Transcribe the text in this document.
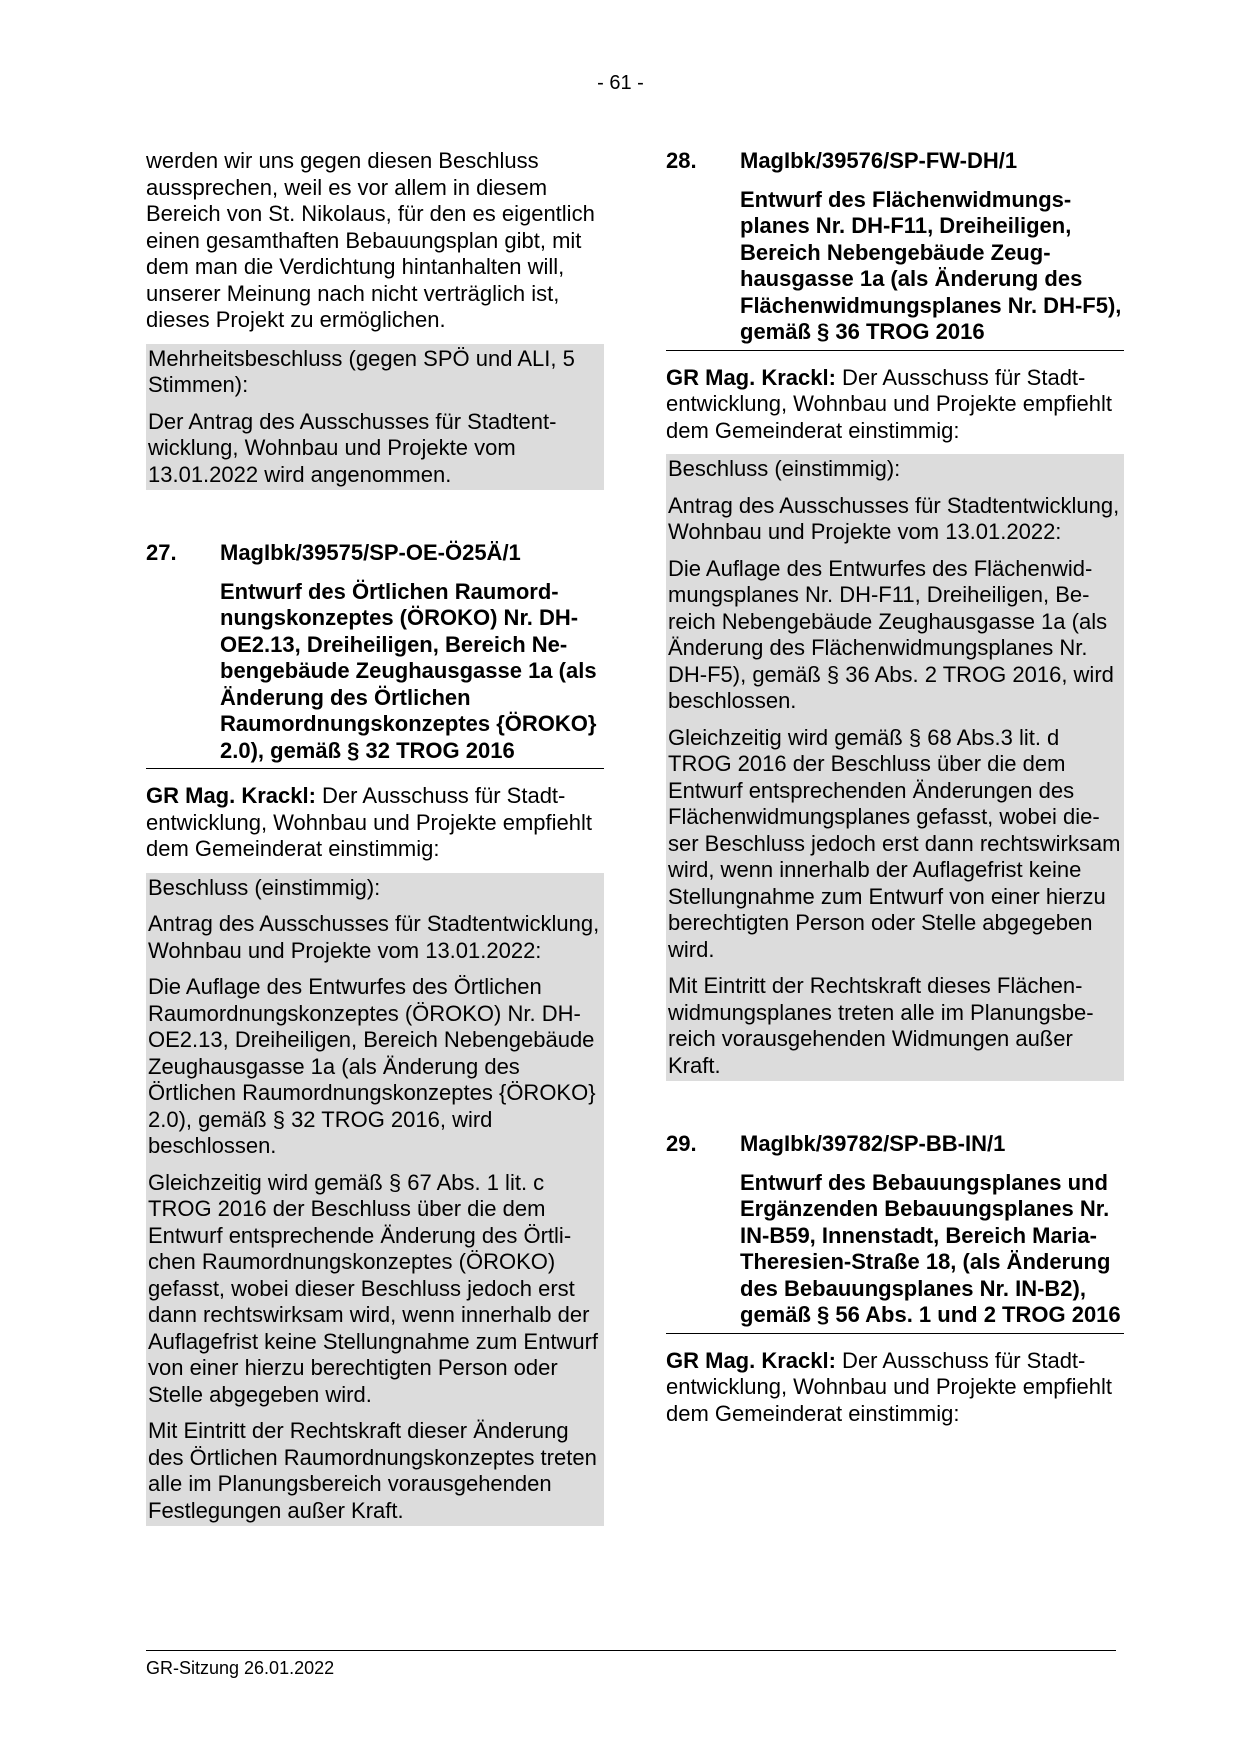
- 61 -

werden wir uns gegen diesen Beschluss aussprechen, weil es vor allem in diesem Bereich von St. Nikolaus, für den es eigentlich einen gesamthaften Bebauungsplan gibt, mit dem man die Verdichtung hintanhalten will, unserer Meinung nach nicht verträglich ist, dieses Projekt zu ermöglichen.

Mehrheitsbeschluss (gegen SPÖ und ALI, 5 Stimmen):

Der Antrag des Ausschusses für Stadtentwicklung, Wohnbau und Projekte vom 13.01.2022 wird angenommen.

27.	MagIbk/39575/SP-OE-Ö25Ä/1
Entwurf des Örtlichen Raumordnungskonzeptes (ÖROKO) Nr. DH-OE2.13, Dreiheiligen, Bereich Nebengebäude Zeughausgasse 1a (als Änderung des Örtlichen Raumordnungskonzeptes {ÖROKO} 2.0), gemäß § 32 TROG 2016

GR Mag. Krackl: Der Ausschuss für Stadtentwicklung, Wohnbau und Projekte empfiehlt dem Gemeinderat einstimmig:

Beschluss (einstimmig):

Antrag des Ausschusses für Stadtentwicklung, Wohnbau und Projekte vom 13.01.2022:

Die Auflage des Entwurfes des Örtlichen Raumordnungskonzeptes (ÖROKO) Nr. DH-OE2.13, Dreiheiligen, Bereich Nebengebäude Zeughausgasse 1a (als Änderung des Örtlichen Raumordnungskonzeptes {ÖROKO} 2.0), gemäß § 32 TROG 2016, wird beschlossen.

Gleichzeitig wird gemäß § 67 Abs. 1 lit. c TROG 2016 der Beschluss über die dem Entwurf entsprechende Änderung des Örtlichen Raumordnungskonzeptes (ÖROKO) gefasst, wobei dieser Beschluss jedoch erst dann rechtswirksam wird, wenn innerhalb der Auflagefrist keine Stellungnahme zum Entwurf von einer hierzu berechtigten Person oder Stelle abgegeben wird.

Mit Eintritt der Rechtskraft dieser Änderung des Örtlichen Raumordnungskonzeptes treten alle im Planungsbereich vorausgehenden Festlegungen außer Kraft.

28.	MagIbk/39576/SP-FW-DH/1
Entwurf des Flächenwidmungsplanes Nr. DH-F11, Dreiheiligen, Bereich Nebengebäude Zeughausgasse 1a (als Änderung des Flächenwidmungsplanes Nr. DH-F5), gemäß § 36 TROG 2016

GR Mag. Krackl: Der Ausschuss für Stadtentwicklung, Wohnbau und Projekte empfiehlt dem Gemeinderat einstimmig:

Beschluss (einstimmig):

Antrag des Ausschusses für Stadtentwicklung, Wohnbau und Projekte vom 13.01.2022:

Die Auflage des Entwurfes des Flächenwidmungsplanes Nr. DH-F11, Dreiheiligen, Bereich Nebengebäude Zeughausgasse 1a (als Änderung des Flächenwidmungsplanes Nr. DH-F5), gemäß § 36 Abs. 2 TROG 2016, wird beschlossen.

Gleichzeitig wird gemäß § 68 Abs.3 lit. d TROG 2016 der Beschluss über die dem Entwurf entsprechenden Änderungen des Flächenwidmungsplanes gefasst, wobei dieser Beschluss jedoch erst dann rechtswirksam wird, wenn innerhalb der Auflagefrist keine Stellungnahme zum Entwurf von einer hierzu berechtigten Person oder Stelle abgegeben wird.

Mit Eintritt der Rechtskraft dieses Flächenwidmungsplanes treten alle im Planungsbereich vorausgehenden Widmungen außer Kraft.

29.	MagIbk/39782/SP-BB-IN/1
Entwurf des Bebauungsplanes und Ergänzenden Bebauungsplanes Nr. IN-B59, Innenstadt, Bereich Maria-Theresien-Straße 18, (als Änderung des Bebauungsplanes Nr. IN-B2), gemäß § 56 Abs. 1 und 2 TROG 2016

GR Mag. Krackl: Der Ausschuss für Stadtentwicklung, Wohnbau und Projekte empfiehlt dem Gemeinderat einstimmig:

GR-Sitzung 26.01.2022
